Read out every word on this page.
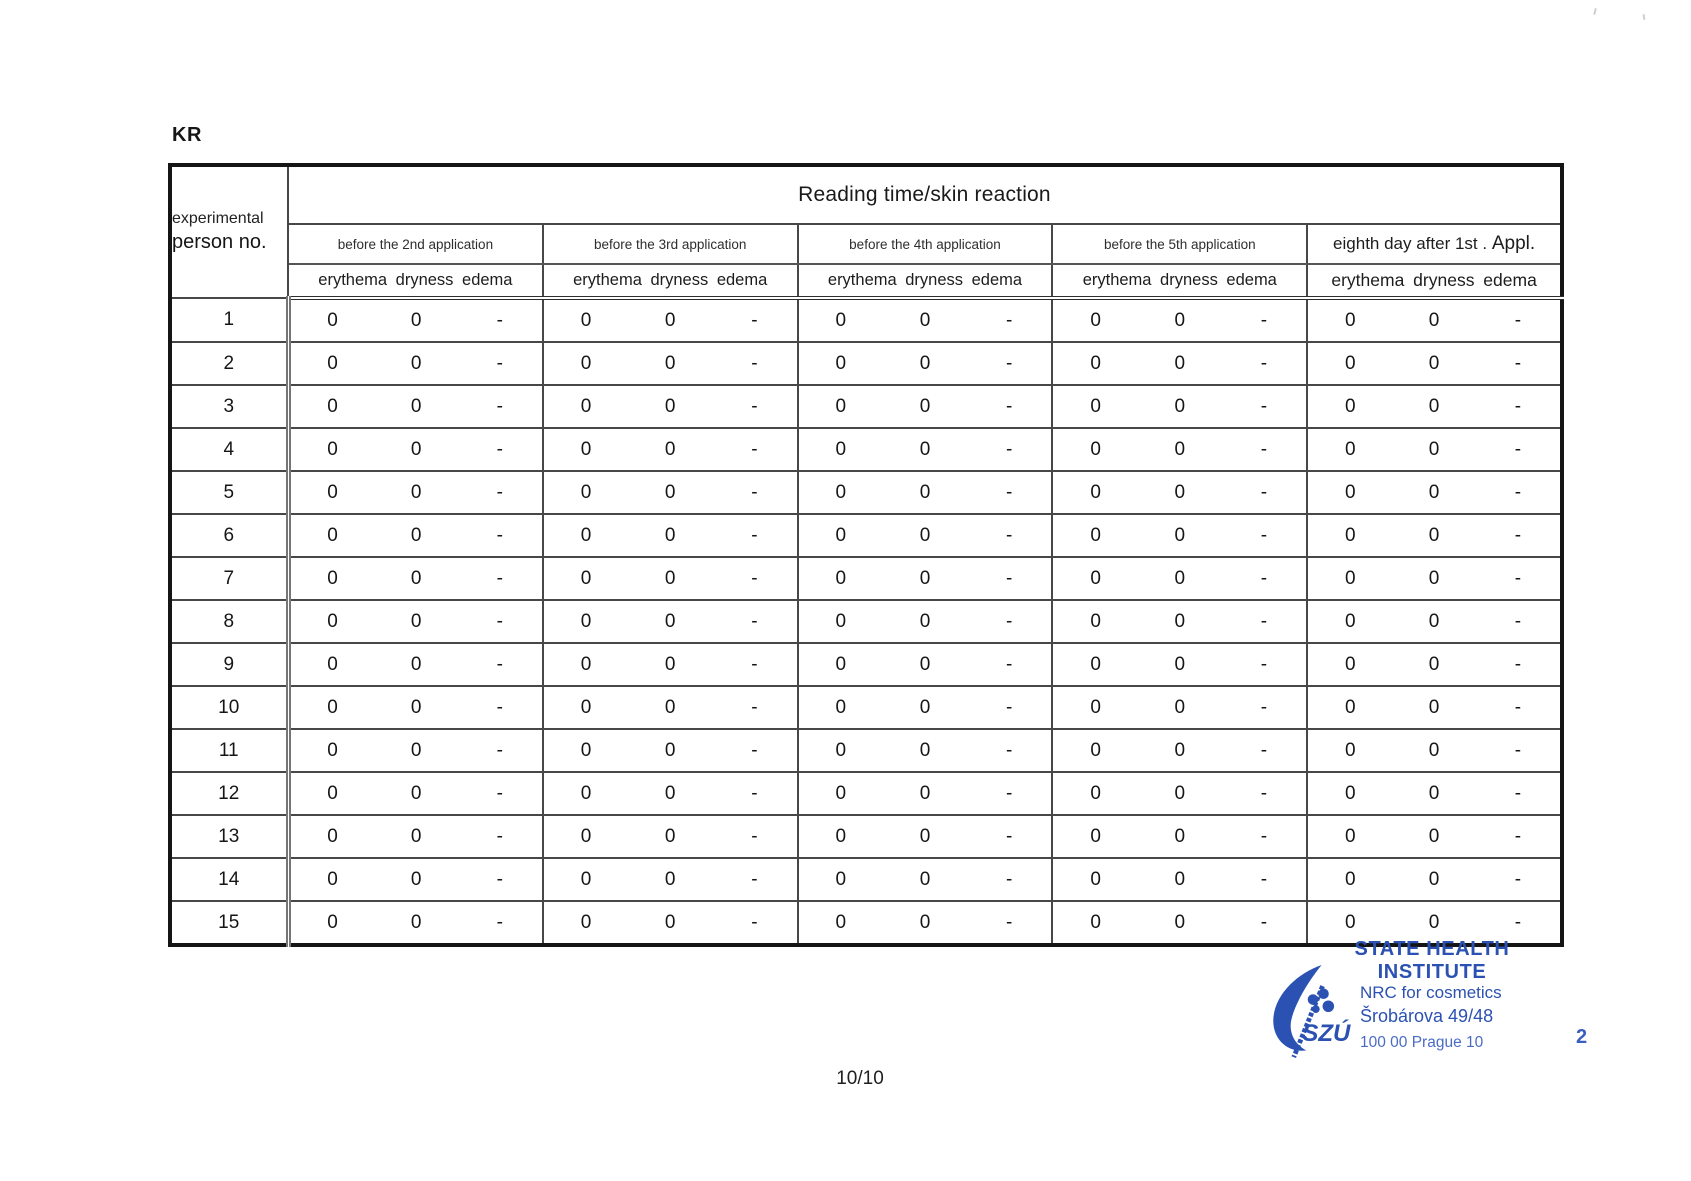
KR
experimental
person no.	Reading time/skin reaction				
	before the 2nd application	before the 3rd application	before the 4th application	before the 5th application	eighth day after 1st . Appl.
	erythema dryness edema	erythema dryness edema	erythema dryness edema	erythema dryness edema	erythema dryness edema
1	0 0 -	0 0 -	0 0 -	0 0 -	0 0 -
2	0 0 -	0 0 -	0 0 -	0 0 -	0 0 -
3	0 0 -	0 0 -	0 0 -	0 0 -	0 0 -
4	0 0 -	0 0 -	0 0 -	0 0 -	0 0 -
5	0 0 -	0 0 -	0 0 -	0 0 -	0 0 -
6	0 0 -	0 0 -	0 0 -	0 0 -	0 0 -
7	0 0 -	0 0 -	0 0 -	0 0 -	0 0 -
8	0 0 -	0 0 -	0 0 -	0 0 -	0 0 -
9	0 0 -	0 0 -	0 0 -	0 0 -	0 0 -
10	0 0 -	0 0 -	0 0 -	0 0 -	0 0 -
11	0 0 -	0 0 -	0 0 -	0 0 -	0 0 -
12	0 0 -	0 0 -	0 0 -	0 0 -	0 0 -
13	0 0 -	0 0 -	0 0 -	0 0 -	0 0 -
14	0 0 -	0 0 -	0 0 -	0 0 -	0 0 -
15	0 0 -	0 0 -	0 0 -	0 0 -	0 0 -
10/10
STATE HEALTH INSTITUTE
SZÚ
NRC for cosmetics
Šrobárova 49/48
100 00 Prague 10	2
